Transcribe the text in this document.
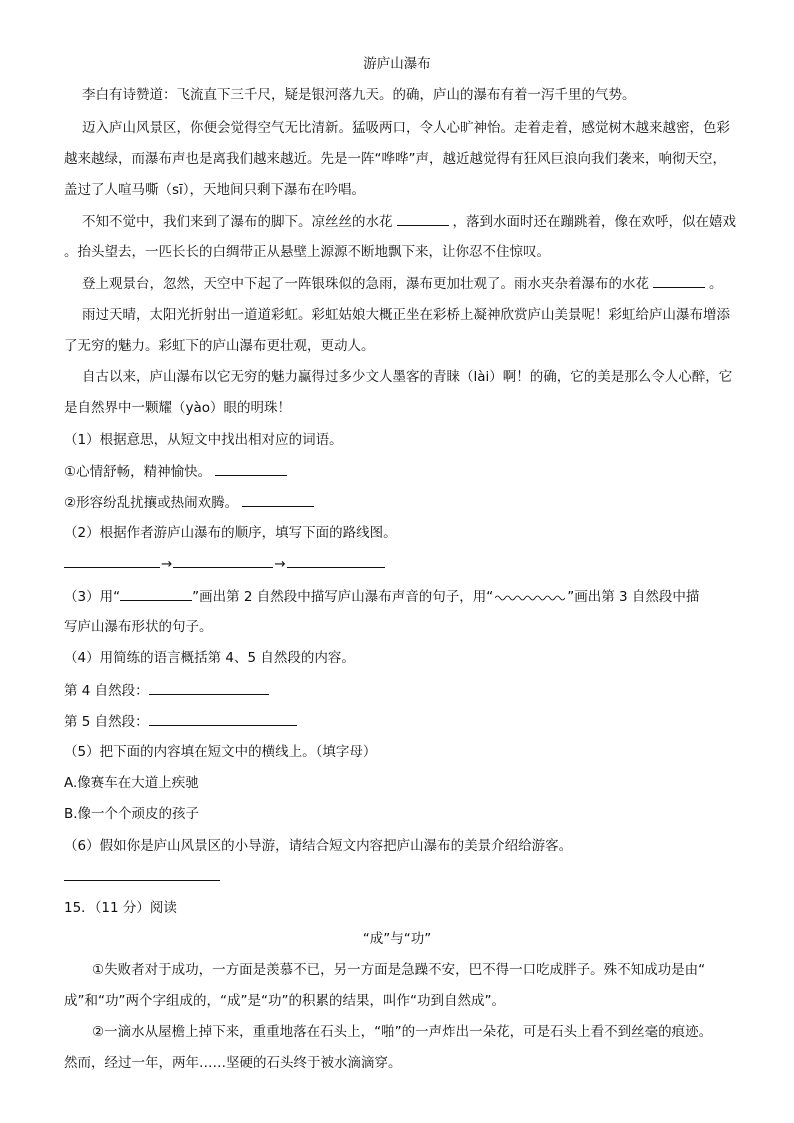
游庐山瀑布
李白有诗赞道：飞流直下三千尺，疑是银河落九天。的确，庐山的瀑布有着一泻千里的气势。
迈入庐山风景区，你便会觉得空气无比清新。猛吸两口，令人心旷神怡。走着走着，感觉树木越来越密，色彩
越来越绿，而瀑布声也是离我们越来越近。先是一阵“哗哗”声，越近越觉得有狂风巨浪向我们袭来，响彻天空，
盖过了人喧马嘶（sī），天地间只剩下瀑布在吟唱。
不知不觉中，我们来到了瀑布的脚下。凉丝丝的水花	，落到水面时还在蹦跳着，像在欢呼，似在嬉戏
。抬头望去，一匹长长的白绸带正从悬壁上源源不断地飘下来，让你忍不住惊叹。
登上观景台，忽然，天空中下起了一阵银珠似的急雨，瀑布更加壮观了。雨水夹杂着瀑布的水花	。
雨过天晴，太阳光折射出一道道彩虹。彩虹姑娘大概正坐在彩桥上凝神欣赏庐山美景呢！彩虹给庐山瀑布增添
了无穷的魅力。彩虹下的庐山瀑布更壮观，更动人。
自古以来，庐山瀑布以它无穷的魅力赢得过多少文人墨客的青睐（lài）啊！的确，它的美是那么令人心醉，它
是自然界中一颗耀（yào）眼的明珠！
（1）根据意思，从短文中找出相对应的词语。
①心情舒畅，精神愉快。
②形容纷乱扰攘或热闹欢腾。
（2）根据作者游庐山瀑布的顺序，填写下面的路线图。
→	→
（3）用“	”画出第 2 自然段中描写庐山瀑布声音的句子，用“	”画出第 3 自然段中描
写庐山瀑布形状的句子。
（4）用简练的语言概括第 4、5 自然段的内容。
第 4 自然段：
第 5 自然段：
（5）把下面的内容填在短文中的横线上。（填字母）
A.像赛车在大道上疾驰
B.像一个个顽皮的孩子
（6）假如你是庐山风景区的小导游，请结合短文内容把庐山瀑布的美景介绍给游客。
15．（11 分）阅读
“成”与“功”
①失败者对于成功，一方面是羡慕不已，另一方面是急躁不安，巴不得一口吃成胖子。殊不知成功是由“
成”和“功”两个字组成的，“成”是“功”的积累的结果，叫作“功到自然成”。
②一滴水从屋檐上掉下来，重重地落在石头上，“啪”的一声炸出一朵花，可是石头上看不到丝毫的痕迹。
然而，经过一年，两年……坚硬的石头终于被水滴滴穿。
